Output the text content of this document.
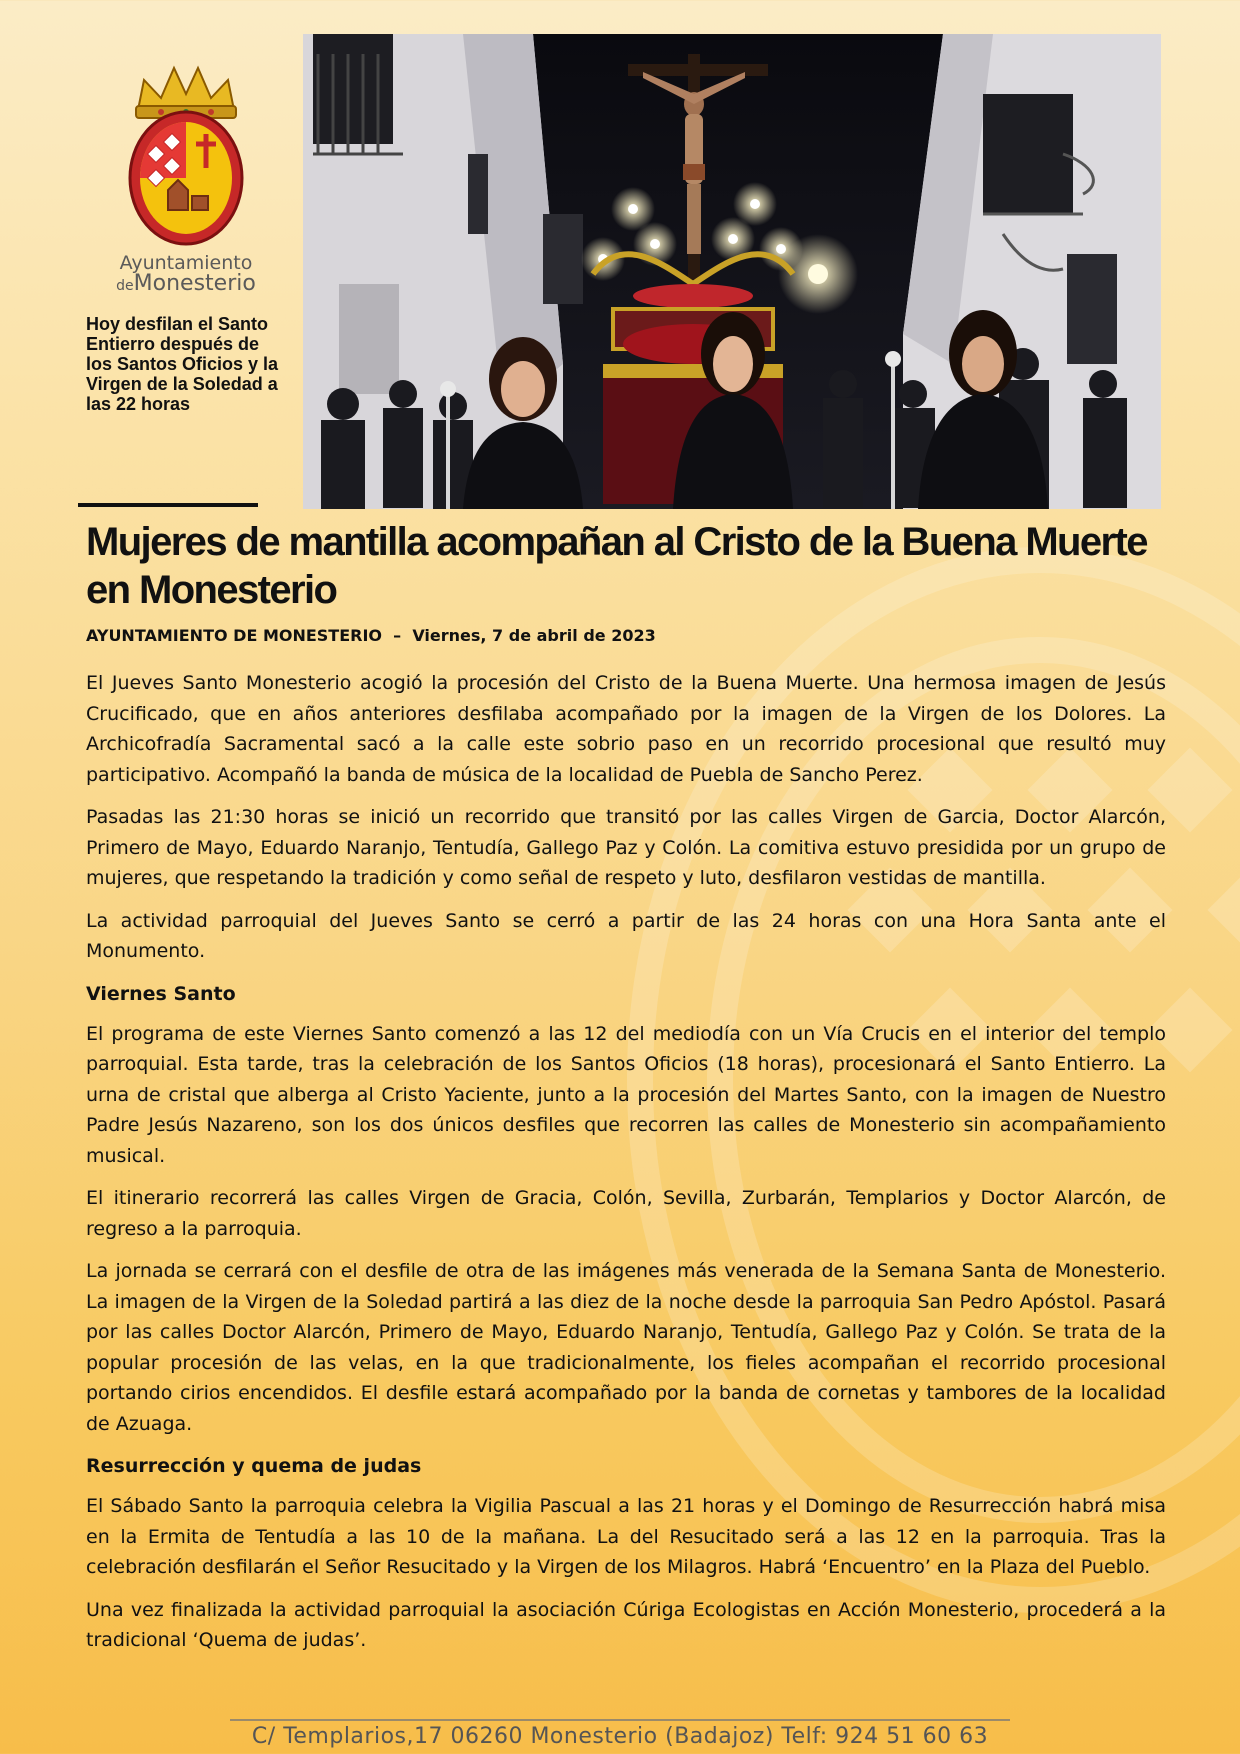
Ayuntamiento
deMonesterio
Hoy desfilan el Santo Entierro después de los Santos Oficios y la Virgen de la Soledad a las 22 horas
Mujeres de mantilla acompañan al Cristo de la Buena Muerte en Monesterio

AYUNTAMIENTO DE MONESTERIO – Viernes, 7 de abril de 2023

El Jueves Santo Monesterio acogió la procesión del Cristo de la Buena Muerte. Una hermosa imagen de Jesús Crucificado, que en años anteriores desfilaba acompañado por la imagen de la Virgen de los Dolores. La Archicofradía Sacramental sacó a la calle este sobrio paso en un recorrido procesional que resultó muy participativo. Acompañó la banda de música de la localidad de Puebla de Sancho Perez.

Pasadas las 21:30 horas se inició un recorrido que transitó por las calles Virgen de Garcia, Doctor Alarcón, Primero de Mayo, Eduardo Naranjo, Tentudía, Gallego Paz y Colón. La comitiva estuvo presidida por un grupo de mujeres, que respetando la tradición y como señal de respeto y luto, desfilaron vestidas de mantilla.

La actividad parroquial del Jueves Santo se cerró a partir de las 24 horas con una Hora Santa ante el Monumento.

Viernes Santo

El programa de este Viernes Santo comenzó a las 12 del mediodía con un Vía Crucis en el interior del templo parroquial. Esta tarde, tras la celebración de los Santos Oficios (18 horas), procesionará el Santo Entierro. La urna de cristal que alberga al Cristo Yaciente, junto a la procesión del Martes Santo, con la imagen de Nuestro Padre Jesús Nazareno, son los dos únicos desfiles que recorren las calles de Monesterio sin acompañamiento musical.

El itinerario recorrerá las calles Virgen de Gracia, Colón, Sevilla, Zurbarán, Templarios y Doctor Alarcón, de regreso a la parroquia.

La jornada se cerrará con el desfile de otra de las imágenes más venerada de la Semana Santa de Monesterio. La imagen de la Virgen de la Soledad partirá a las diez de la noche desde la parroquia San Pedro Apóstol. Pasará por las calles Doctor Alarcón, Primero de Mayo, Eduardo Naranjo, Tentudía, Gallego Paz y Colón. Se trata de la popular procesión de las velas, en la que tradicionalmente, los fieles acompañan el recorrido procesional portando cirios encendidos. El desfile estará acompañado por la banda de cornetas y tambores de la localidad de Azuaga.

Resurrección y quema de judas

El Sábado Santo la parroquia celebra la Vigilia Pascual a las 21 horas y el Domingo de Resurrección habrá misa en la Ermita de Tentudía a las 10 de la mañana. La del Resucitado será a las 12 en la parroquia. Tras la celebración desfilarán el Señor Resucitado y la Virgen de los Milagros. Habrá ‘Encuentro’ en la Plaza del Pueblo.

Una vez finalizada la actividad parroquial la asociación Cúriga Ecologistas en Acción Monesterio, procederá a la tradicional ‘Quema de judas’.

C/ Templarios,17 06260 Monesterio (Badajoz) Telf: 924 51 60 63
